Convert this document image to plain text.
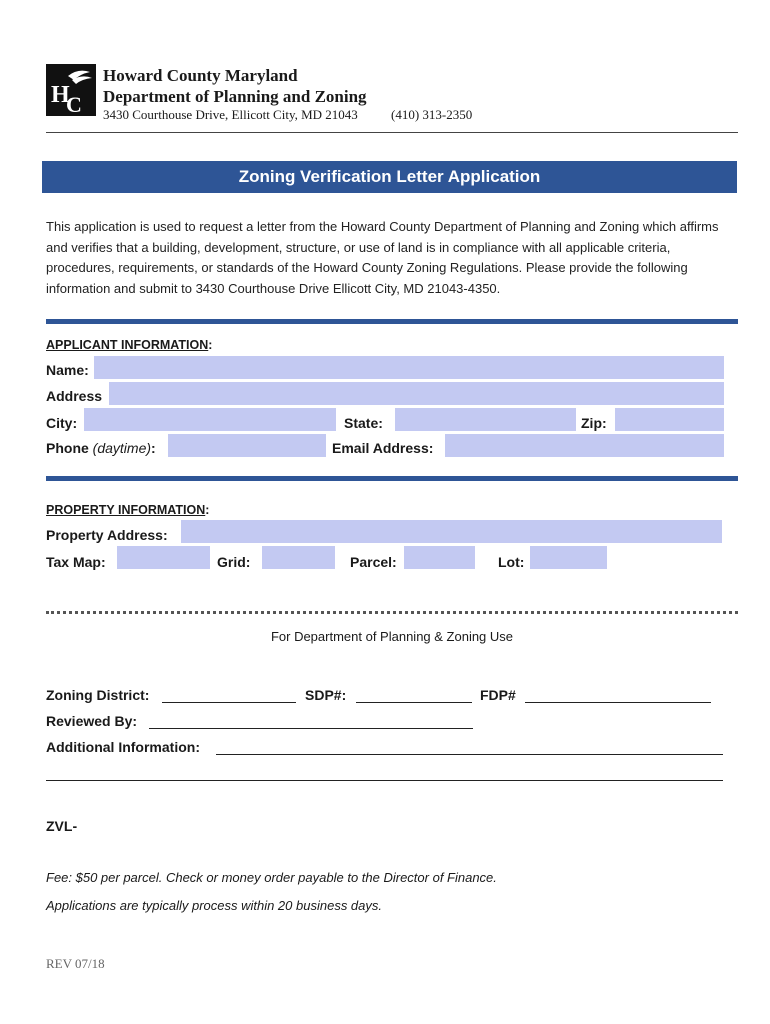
H
C
Howard County Maryland
Department of Planning and Zoning
3430 Courthouse Drive, Ellicott City, MD 21043	(410) 313-2350
Zoning Verification Letter Application
This application is used to request a letter from the Howard County Department of Planning and Zoning which affirms and verifies that a building, development, structure, or use of land is in compliance with all applicable criteria, procedures, requirements, or standards of the Howard County Zoning Regulations. Please provide the following information and submit to 3430 Courthouse Drive Ellicott City, MD 21043-4350.
APPLICANT INFORMATION:
Name:
Address
City:	State:	Zip:
Phone (daytime):	Email Address:
PROPERTY INFORMATION:
Property Address:
Tax Map:	Grid:	Parcel:	Lot:
For Department of Planning & Zoning Use
Zoning District:	SDP#:	FDP#
Reviewed By:
Additional Information:
ZVL-
Fee: $50 per parcel. Check or money order payable to the Director of Finance.
Applications are typically process within 20 business days.
REV 07/18
